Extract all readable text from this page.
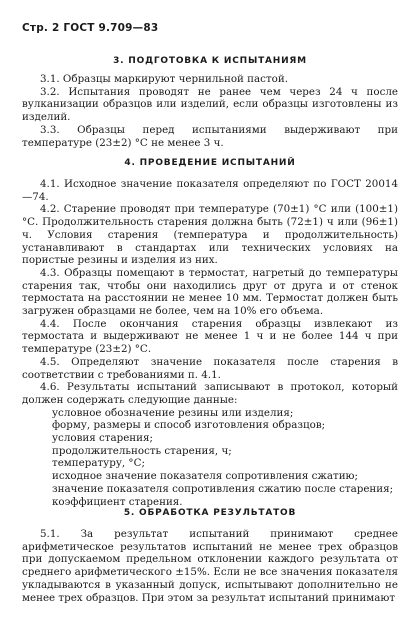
Стр. 2 ГОСТ 9.709—83
3. ПОДГОТОВКА К ИСПЫТАНИЯМ

3.1. Образцы маркируют чернильной пастой.

3.2. Испытания проводят не ранее чем через 24 ч после вулканизации образцов или изделий, если образцы изготовлены из изделий.

3.3. Образцы перед испытаниями выдерживают при температуре (23±2) °С не менее 3 ч.

4. ПРОВЕДЕНИЕ ИСПЫТАНИЙ

4.1. Исходное значение показателя определяют по ГОСТ 20014—74.

4.2. Старение проводят при температуре (70±1) °С или (100±1) °С. Продолжительность старения должна быть (72±1) ч или (96±1) ч. Условия старения (температура и продолжительность) устанавливают в стандартах или технических условиях на пористые резины и изделия из них.

4.3. Образцы помещают в термостат, нагретый до температуры старения так, чтобы они находились друг от друга и от стенок термостата на расстоянии не менее 10 мм. Термостат должен быть загружен образцами не более, чем на 10% его объема.

4.4. После окончания старения образцы извлекают из термостата и выдерживают не менее 1 ч и не более 144 ч при температуре (23±2) °С.

4.5. Определяют значение показателя после старения в соответствии с требованиями п. 4.1.

4.6. Результаты испытаний записывают в протокол, который должен содержать следующие данные:

условное обозначение резины или изделия;

форму, размеры и способ изготовления образцов;

условия старения;

продолжительность старения, ч;

температуру, °С;

исходное значение показателя сопротивления сжатию;

значение показателя сопротивления сжатию после старения;

коэффициент старения.

5. ОБРАБОТКА РЕЗУЛЬТАТОВ

5.1. За результат испытаний принимают среднее арифметическое результатов испытаний не менее трех образцов при допускаемом предельном отклонении каждого результата от среднего арифметического ±15%. Если не все значения показателя укладываются в указанный допуск, испытывают дополнительно не менее трех образцов. При этом за результат испытаний принимают
